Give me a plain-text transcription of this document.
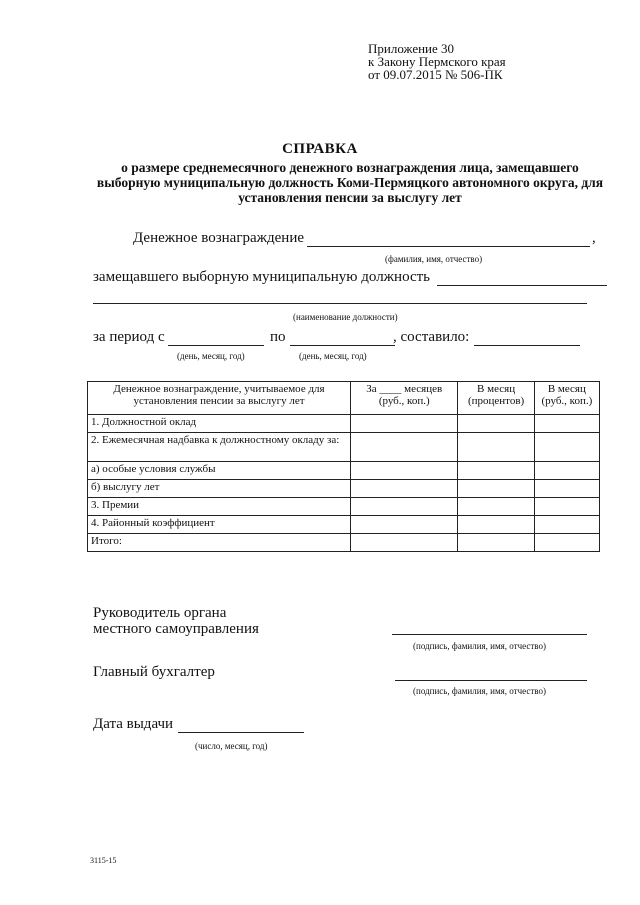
Приложение 30
к Закону Пермского края
от 09.07.2015 № 506-ПК
СПРАВКА
о размере среднемесячного денежного вознаграждения лица, замещавшего выборную муниципальную должность Коми-Пермяцкого автономного округа, для установления пенсии за выслугу лет
Денежное вознаграждение	,
(фамилия, имя, отчество)
замещавшего выборную муниципальную должность
(наименование должности)
за период с	по	, составило:
(день, месяц, год)	(день, месяц, год)
Денежное вознаграждение, учитываемое для установления пенсии за выслугу лет	За ____ месяцев (руб., коп.)	В месяц (процентов)	В месяц (руб., коп.)
1. Должностной оклад			
2. Ежемесячная надбавка к должностному окладу за:			
а) особые условия службы			
б) выслугу лет			
3. Премии			
4. Районный коэффициент			
Итого:			
Руководитель органа
местного самоуправления
(подпись, фамилия, имя, отчество)
Главный бухгалтер
(подпись, фамилия, имя, отчество)
Дата выдачи
(число, месяц, год)
3115-15
